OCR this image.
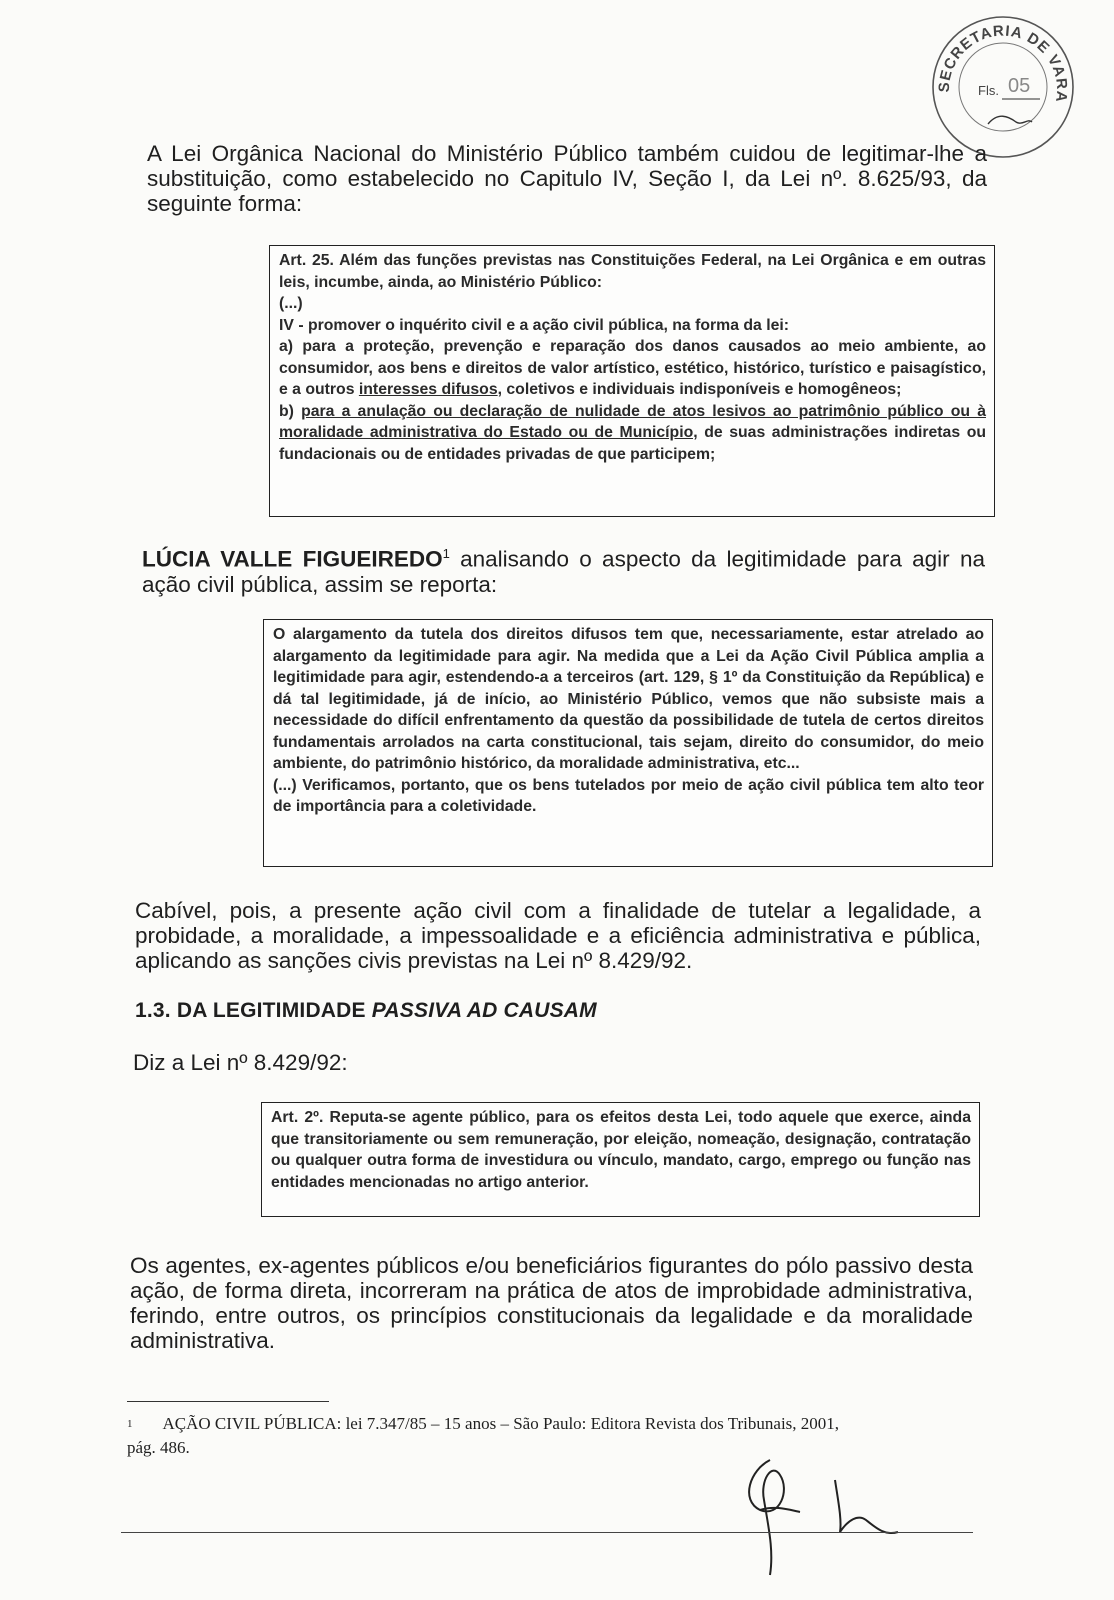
SECRETARIA DE VARA
Fls. 05
A Lei Orgânica Nacional do Ministério Público também cuidou de legitimar-lhe a substituição, como estabelecido no Capitulo IV, Seção I, da Lei nº. 8.625/93, da seguinte forma:

Art. 25. Além das funções previstas nas Constituições Federal, na Lei Orgânica e em outras leis, incumbe, ainda, ao Ministério Público:

(...)

IV - promover o inquérito civil e a ação civil pública, na forma da lei:

a) para a proteção, prevenção e reparação dos danos causados ao meio ambiente, ao consumidor, aos bens e direitos de valor artístico, estético, histórico, turístico e paisagístico, e a outros interesses difusos, coletivos e individuais indisponíveis e homogêneos;

b) para a anulação ou declaração de nulidade de atos lesivos ao patrimônio público ou à moralidade administrativa do Estado ou de Município, de suas administrações indiretas ou fundacionais ou de entidades privadas de que participem;

LÚCIA VALLE FIGUEIREDO$^1$ analisando o aspecto da legitimidade para agir na ação civil pública, assim se reporta:

O alargamento da tutela dos direitos difusos tem que, necessariamente, estar atrelado ao alargamento da legitimidade para agir. Na medida que a Lei da Ação Civil Pública amplia a legitimidade para agir, estendendo-a a terceiros (art. 129, § 1º da Constituição da República) e dá tal legitimidade, já de início, ao Ministério Público, vemos que não subsiste mais a necessidade do difícil enfrentamento da questão da possibilidade de tutela de certos direitos fundamentais arrolados na carta constitucional, tais sejam, direito do consumidor, do meio ambiente, do patrimônio histórico, da moralidade administrativa, etc...

(...) Verificamos, portanto, que os bens tutelados por meio de ação civil pública tem alto teor de importância para a coletividade.

Cabível, pois, a presente ação civil com a finalidade de tutelar a legalidade, a probidade, a moralidade, a impessoalidade e a eficiência administrativa e pública, aplicando as sanções civis previstas na Lei nº 8.429/92.
1.3. DA LEGITIMIDADE PASSIVA AD CAUSAM
Diz a Lei nº 8.429/92:

Art. 2º. Reputa-se agente público, para os efeitos desta Lei, todo aquele que exerce, ainda que transitoriamente ou sem remuneração, por eleição, nomeação, designação, contratação ou qualquer outra forma de investidura ou vínculo, mandato, cargo, emprego ou função nas entidades mencionadas no artigo anterior.

Os agentes, ex-agentes públicos e/ou beneficiários figurantes do pólo passivo desta ação, de forma direta, incorreram na prática de atos de improbidade administrativa, ferindo, entre outros, os princípios constitucionais da legalidade e da moralidade administrativa.
$^1$ AÇÃO CIVIL PÚBLICA: lei 7.347/85 – 15 anos – São Paulo: Editora Revista dos Tribunais, 2001, pág. 486.
